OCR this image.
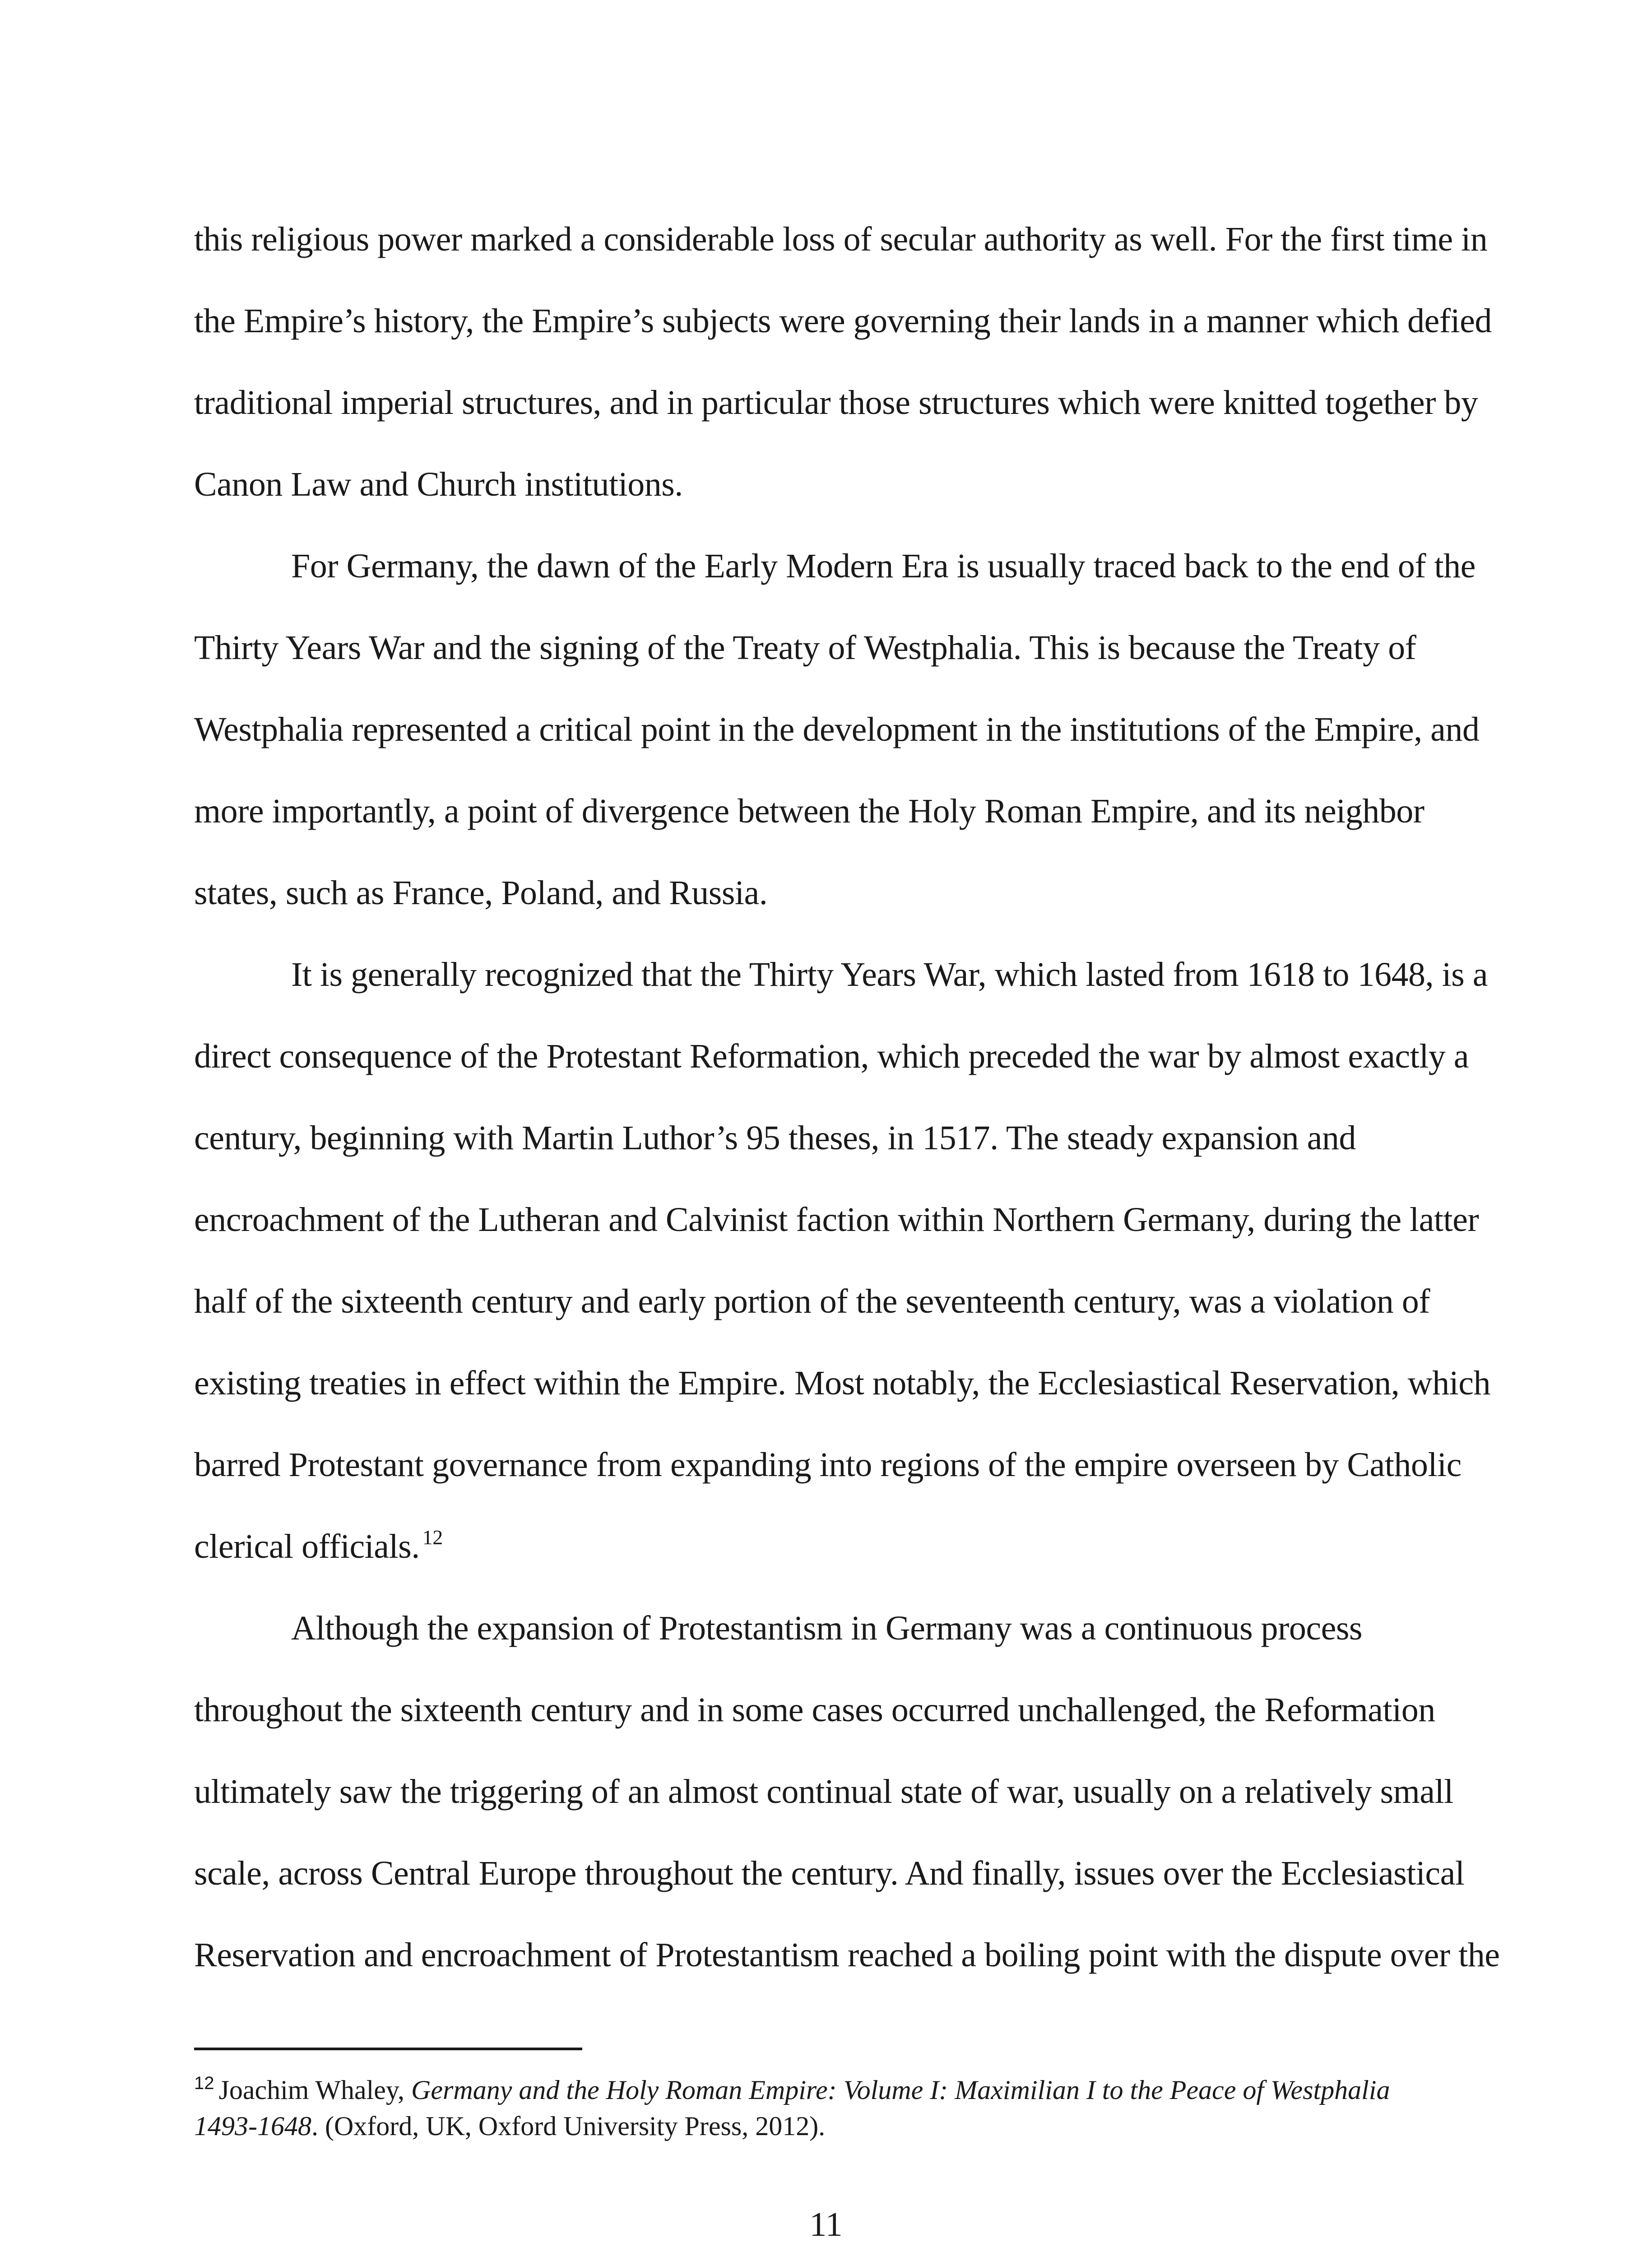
this religious power marked a considerable loss of secular authority as well. For the first time in
the Empire’s history, the Empire’s subjects were governing their lands in a manner which defied
traditional imperial structures, and in particular those structures which were knitted together by
Canon Law and Church institutions.
For Germany, the dawn of the Early Modern Era is usually traced back to the end of the
Thirty Years War and the signing of the Treaty of Westphalia. This is because the Treaty of
Westphalia represented a critical point in the development in the institutions of the Empire, and
more importantly, a point of divergence between the Holy Roman Empire, and its neighbor
states, such as France, Poland, and Russia.
It is generally recognized that the Thirty Years War, which lasted from 1618 to 1648, is a
direct consequence of the Protestant Reformation, which preceded the war by almost exactly a
century, beginning with Martin Luthor’s 95 theses, in 1517. The steady expansion and
encroachment of the Lutheran and Calvinist faction within Northern Germany, during the latter
half of the sixteenth century and early portion of the seventeenth century, was a violation of
existing treaties in effect within the Empire. Most notably, the Ecclesiastical Reservation, which
barred Protestant governance from expanding into regions of the empire overseen by Catholic
clerical officials. $^{12}$
Although the expansion of Protestantism in Germany was a continuous process
throughout the sixteenth century and in some cases occurred unchallenged, the Reformation
ultimately saw the triggering of an almost continual state of war, usually on a relatively small
scale, across Central Europe throughout the century. And finally, issues over the Ecclesiastical
Reservation and encroachment of Protestantism reached a boiling point with the dispute over the
$^{12}$ Joachim Whaley, Germany and the Holy Roman Empire: Volume I: Maximilian I to the Peace of Westphalia
1493-1648. (Oxford, UK, Oxford University Press, 2012).
11
